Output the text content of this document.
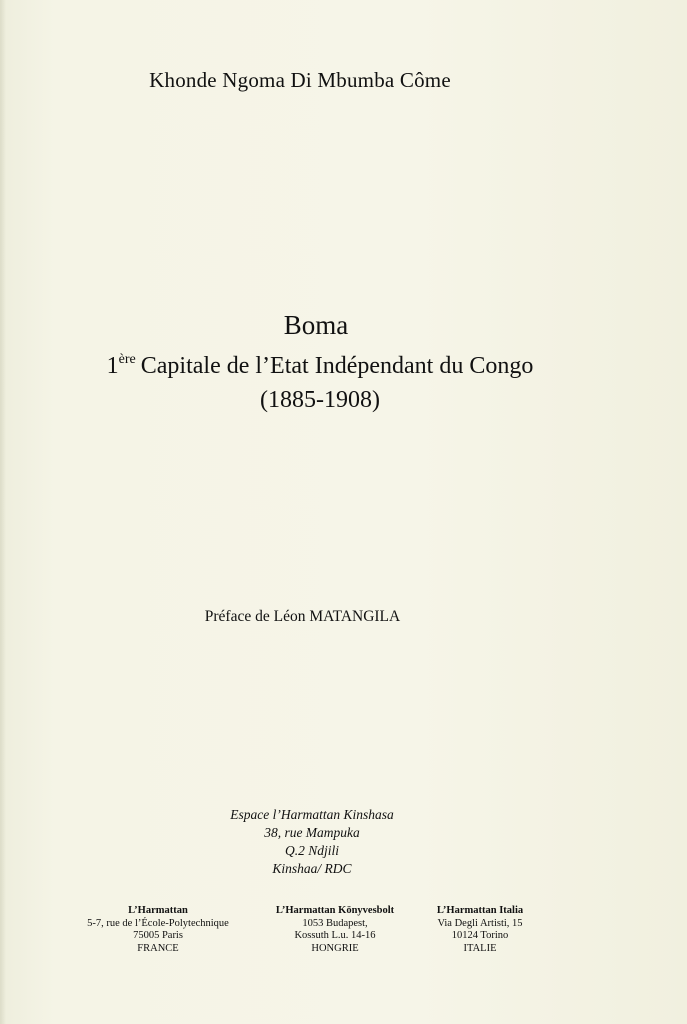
Khonde Ngoma Di Mbumba Côme
Boma
1ère Capitale de l’Etat Indépendant du Congo
(1885-1908)
Préface de Léon MATANGILA
Espace l’Harmattan Kinshasa
38, rue Mampuka
Q.2 Ndjili
Kinshaa/ RDC
L’Harmattan
5-7, rue de l’École-Polytechnique
75005 Paris
FRANCE
L’Harmattan Könyvesbolt
1053 Budapest,
Kossuth L.u. 14-16
HONGRIE
L’Harmattan Italia
Via Degli Artisti, 15
10124 Torino
ITALIE
